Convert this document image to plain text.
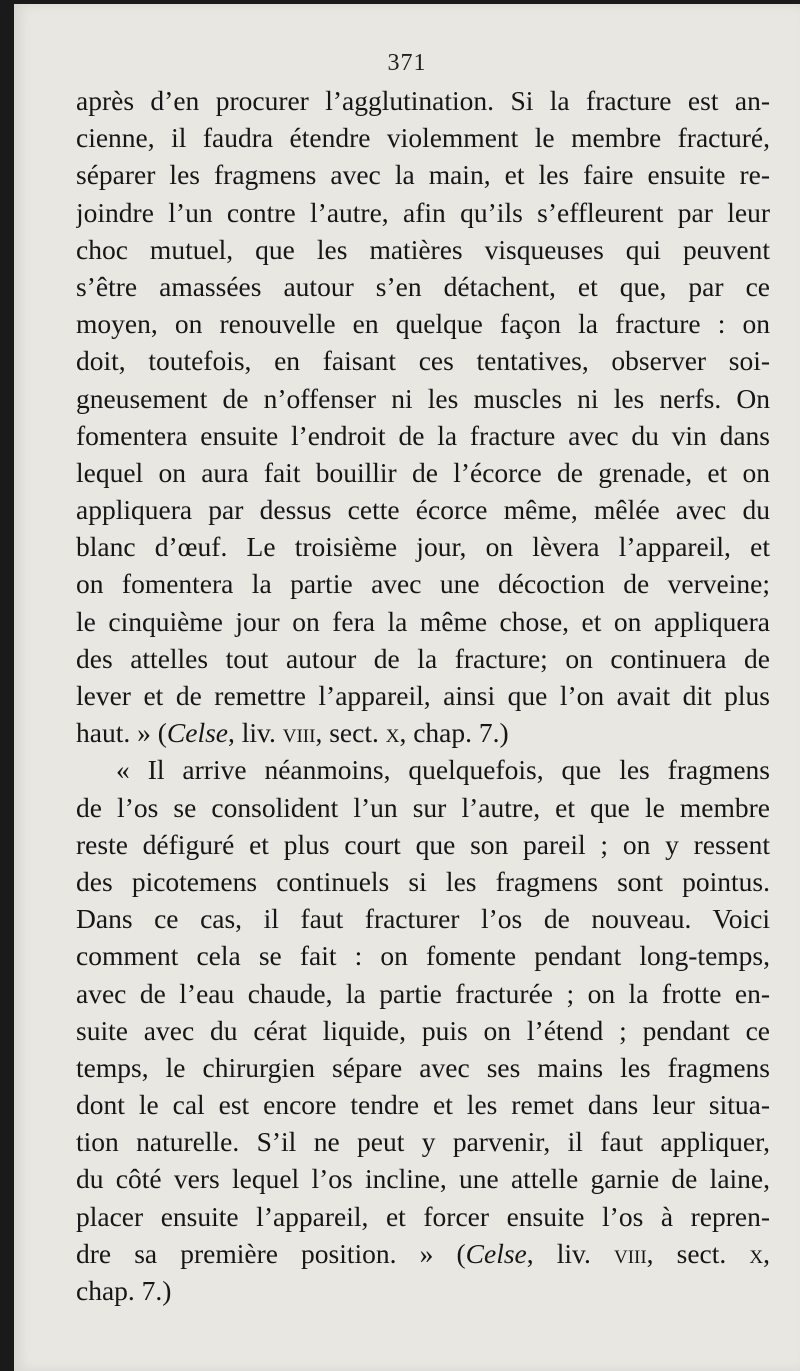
371
après d’en procurer l’agglutination. Si la fracture est an-
cienne, il faudra étendre violemment le membre fracturé,
séparer les fragmens avec la main, et les faire ensuite re-
joindre l’un contre l’autre, afin qu’ils s’effleurent par leur
choc mutuel, que les matières visqueuses qui peuvent
s’être amassées autour s’en détachent, et que, par ce
moyen, on renouvelle en quelque façon la fracture : on
doit, toutefois, en faisant ces tentatives, observer soi-
gneusement de n’offenser ni les muscles ni les nerfs. On
fomentera ensuite l’endroit de la fracture avec du vin dans
lequel on aura fait bouillir de l’écorce de grenade, et on
appliquera par dessus cette écorce même, mêlée avec du
blanc d’œuf. Le troisième jour, on lèvera l’appareil, et
on fomentera la partie avec une décoction de verveine;
le cinquième jour on fera la même chose, et on appliquera
des attelles tout autour de la fracture; on continuera de
lever et de remettre l’appareil, ainsi que l’on avait dit plus
haut. » (Celse, liv. viii, sect. x, chap. 7.)
« Il arrive néanmoins, quelquefois, que les fragmens
de l’os se consolident l’un sur l’autre, et que le membre
reste défiguré et plus court que son pareil ; on y ressent
des picotemens continuels si les fragmens sont pointus.
Dans ce cas, il faut fracturer l’os de nouveau. Voici
comment cela se fait : on fomente pendant long-temps,
avec de l’eau chaude, la partie fracturée ; on la frotte en-
suite avec du cérat liquide, puis on l’étend ; pendant ce
temps, le chirurgien sépare avec ses mains les fragmens
dont le cal est encore tendre et les remet dans leur situa-
tion naturelle. S’il ne peut y parvenir, il faut appliquer,
du côté vers lequel l’os incline, une attelle garnie de laine,
placer ensuite l’appareil, et forcer ensuite l’os à repren-
dre sa première position. » (Celse, liv. viii, sect. x,
chap. 7.)
